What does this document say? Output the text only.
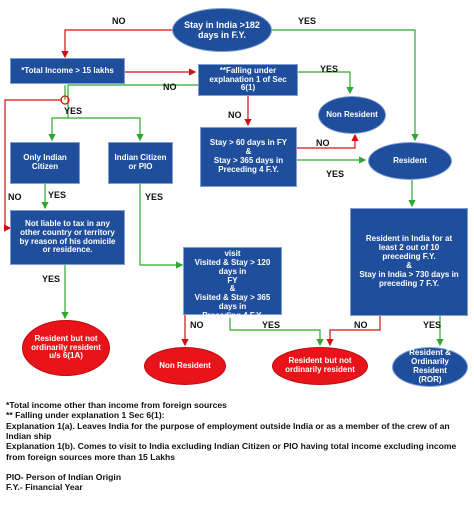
Stay in India >182
days in F.Y.
*Total Income > 15 lakhs	**Falling under
explanation 1 of Sec
6(1)
Non Resident
Stay > 60 days in FY
&
Stay > 365 days in
Preceding 4 F.Y.
Resident
Only Indian
Citizen
Indian Citizen
or PIO
Not liable to tax in any
other country or territory
by reason of his domicile
or residence.
Comes to India for a visit
Visited & Stay > 120 days in
FY
&
Visited & Stay > 365 days in
Preceding 4 F.Y.
Resident in India for at
least 2 out of 10
preceding F.Y.
&
Stay in India > 730 days in
preceding 7 F.Y.
Resident but not
ordinarily resident
u/s 6(1A)
Non Resident	Resident but not
ordinarily resident
Resident &
Ordinarily Resident
(ROR)
NO	YES
NO
YES
YES	NO
NO
YES
YES
NO	YES
YES
NO	YES	NO	YES
*Total income other than income from foreign sources
** Falling under explanation 1 Sec 6(1):
Explanation 1(a). Leaves India for the purpose of employment outside India or as a member of the crew of an Indian ship
Explanation 1(b). Comes to visit to India excluding Indian Citizen or PIO having total income excluding income from foreign sources more than 15 Lakhs
PIO- Person of Indian Origin
F.Y.- Financial Year
